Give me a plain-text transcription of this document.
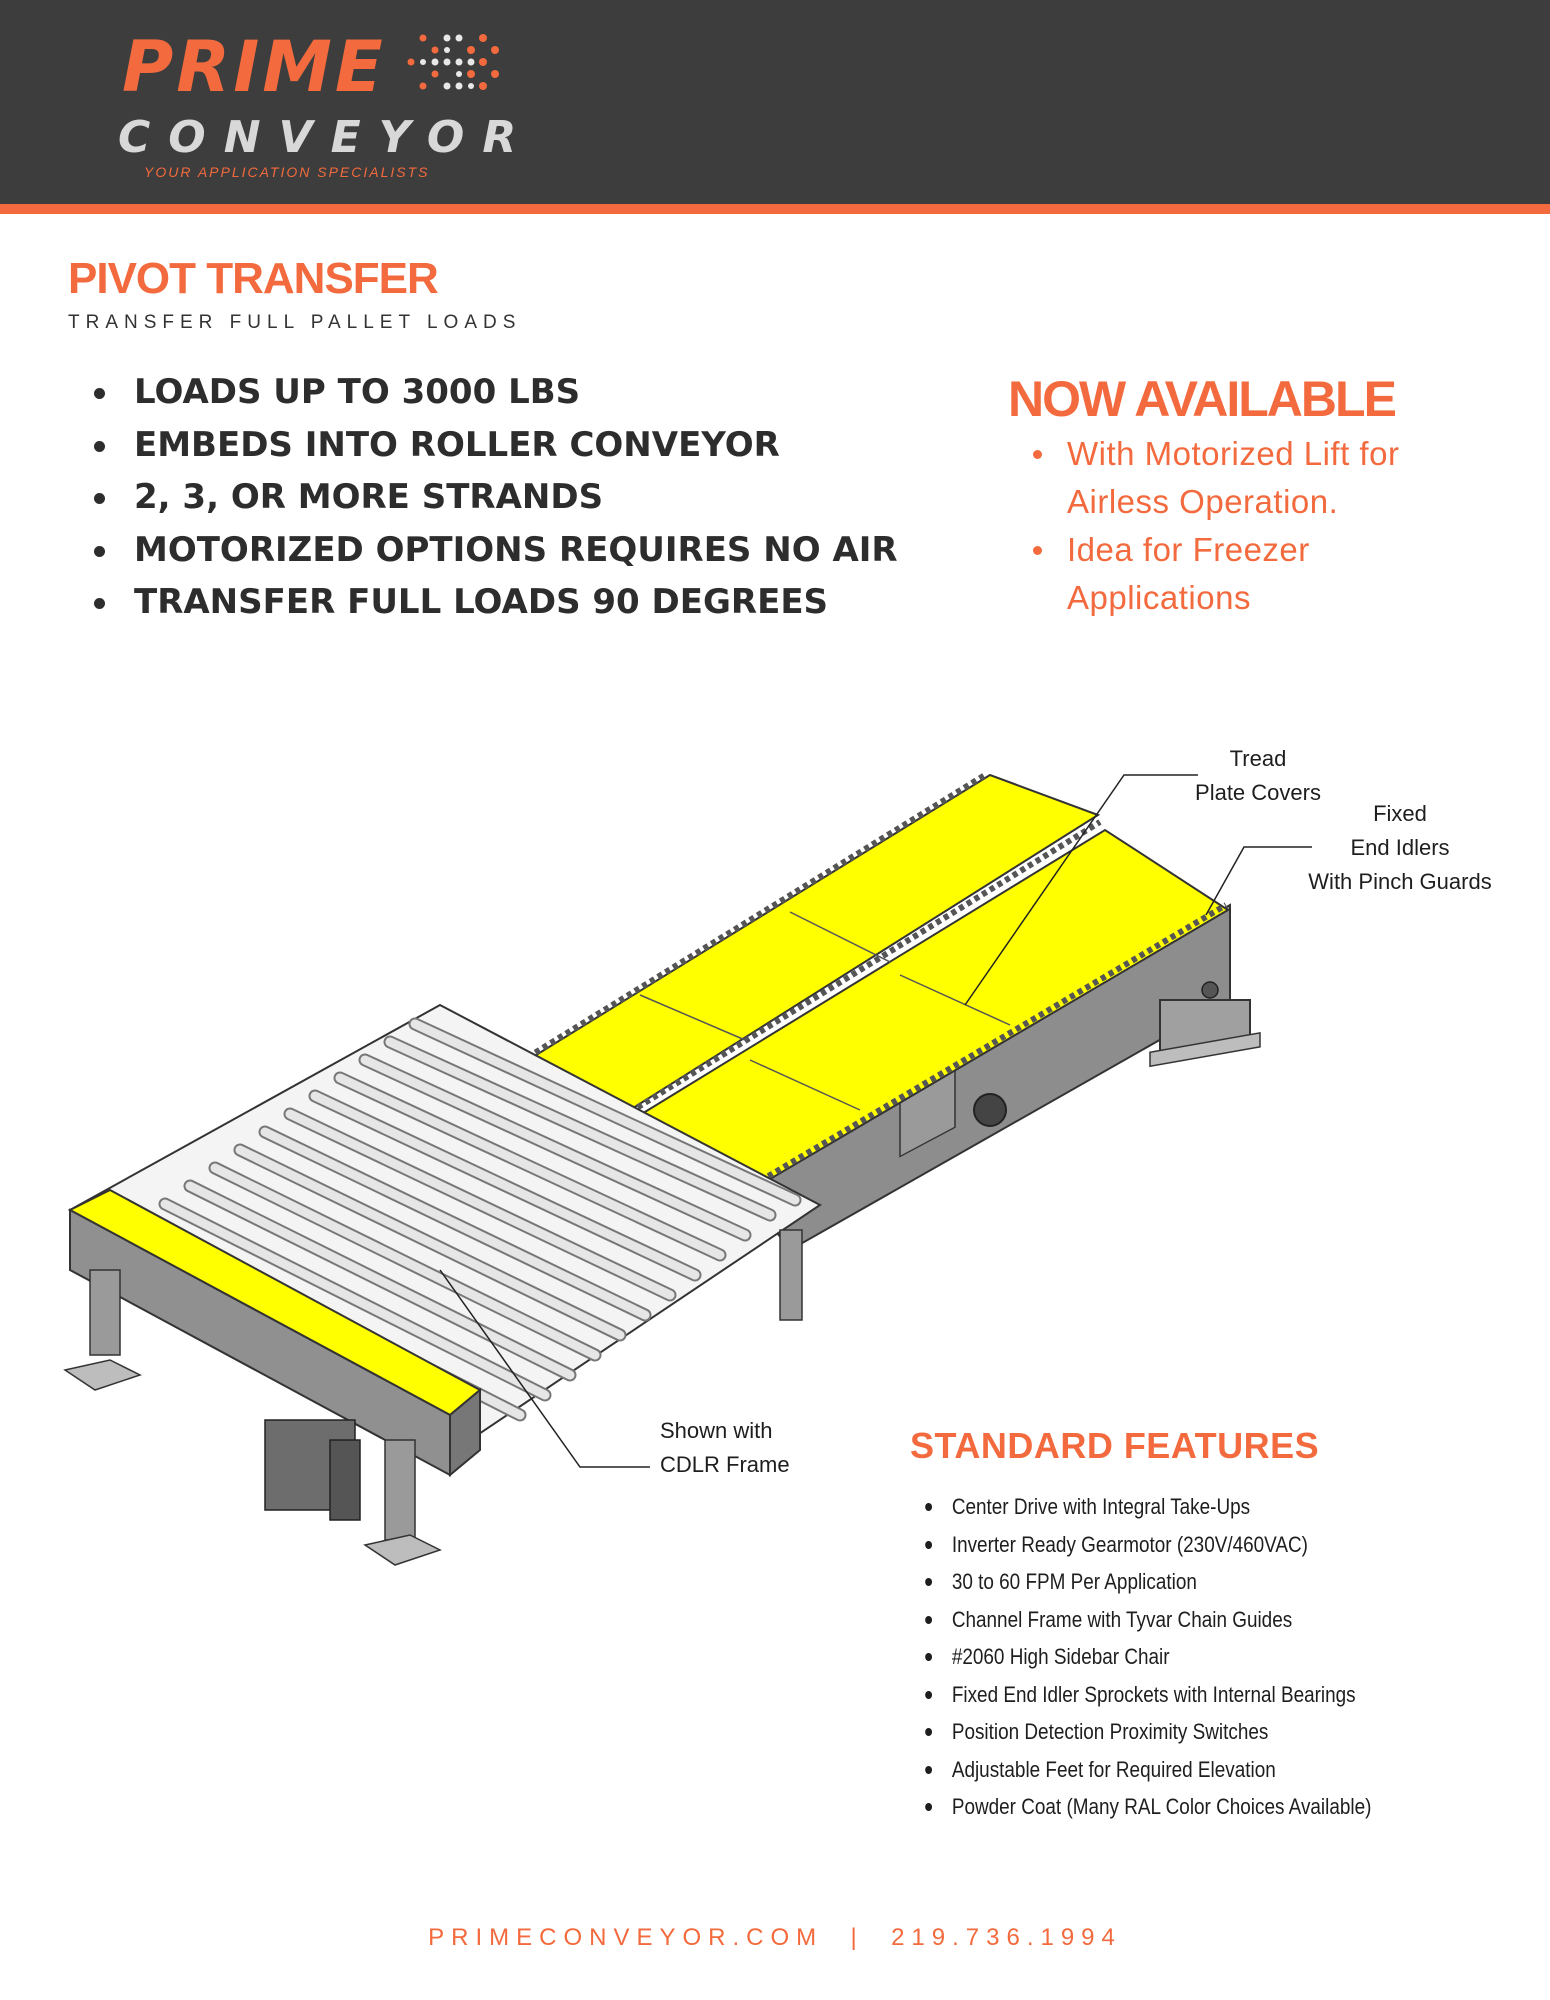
PRIME
CONVEYOR
YOUR APPLICATION SPECIALISTS
PIVOT TRANSFER
TRANSFER FULL PALLET LOADS
LOADS UP TO 3000 LBS
EMBEDS INTO ROLLER CONVEYOR
2, 3, OR MORE STRANDS
MOTORIZED OPTIONS REQUIRES NO AIR
TRANSFER FULL LOADS 90 DEGREES
NOW AVAILABLE
With Motorized Lift for Airless Operation.
Idea for Freezer Applications
Tread
Plate Covers
Fixed
End Idlers
With Pinch Guards
Shown with
CDLR Frame	STANDARD FEATURES
Center Drive with Integral Take-Ups
Inverter Ready Gearmotor (230V/460VAC)
30 to 60 FPM Per Application
Channel Frame with Tyvar Chain Guides
#2060 High Sidebar Chair
Fixed End Idler Sprockets with Internal Bearings
Position Detection Proximity Switches
Adjustable Feet for Required Elevation
Powder Coat (Many RAL Color Choices Available)
PRIMECONVEYOR.COM | 219.736.1994
